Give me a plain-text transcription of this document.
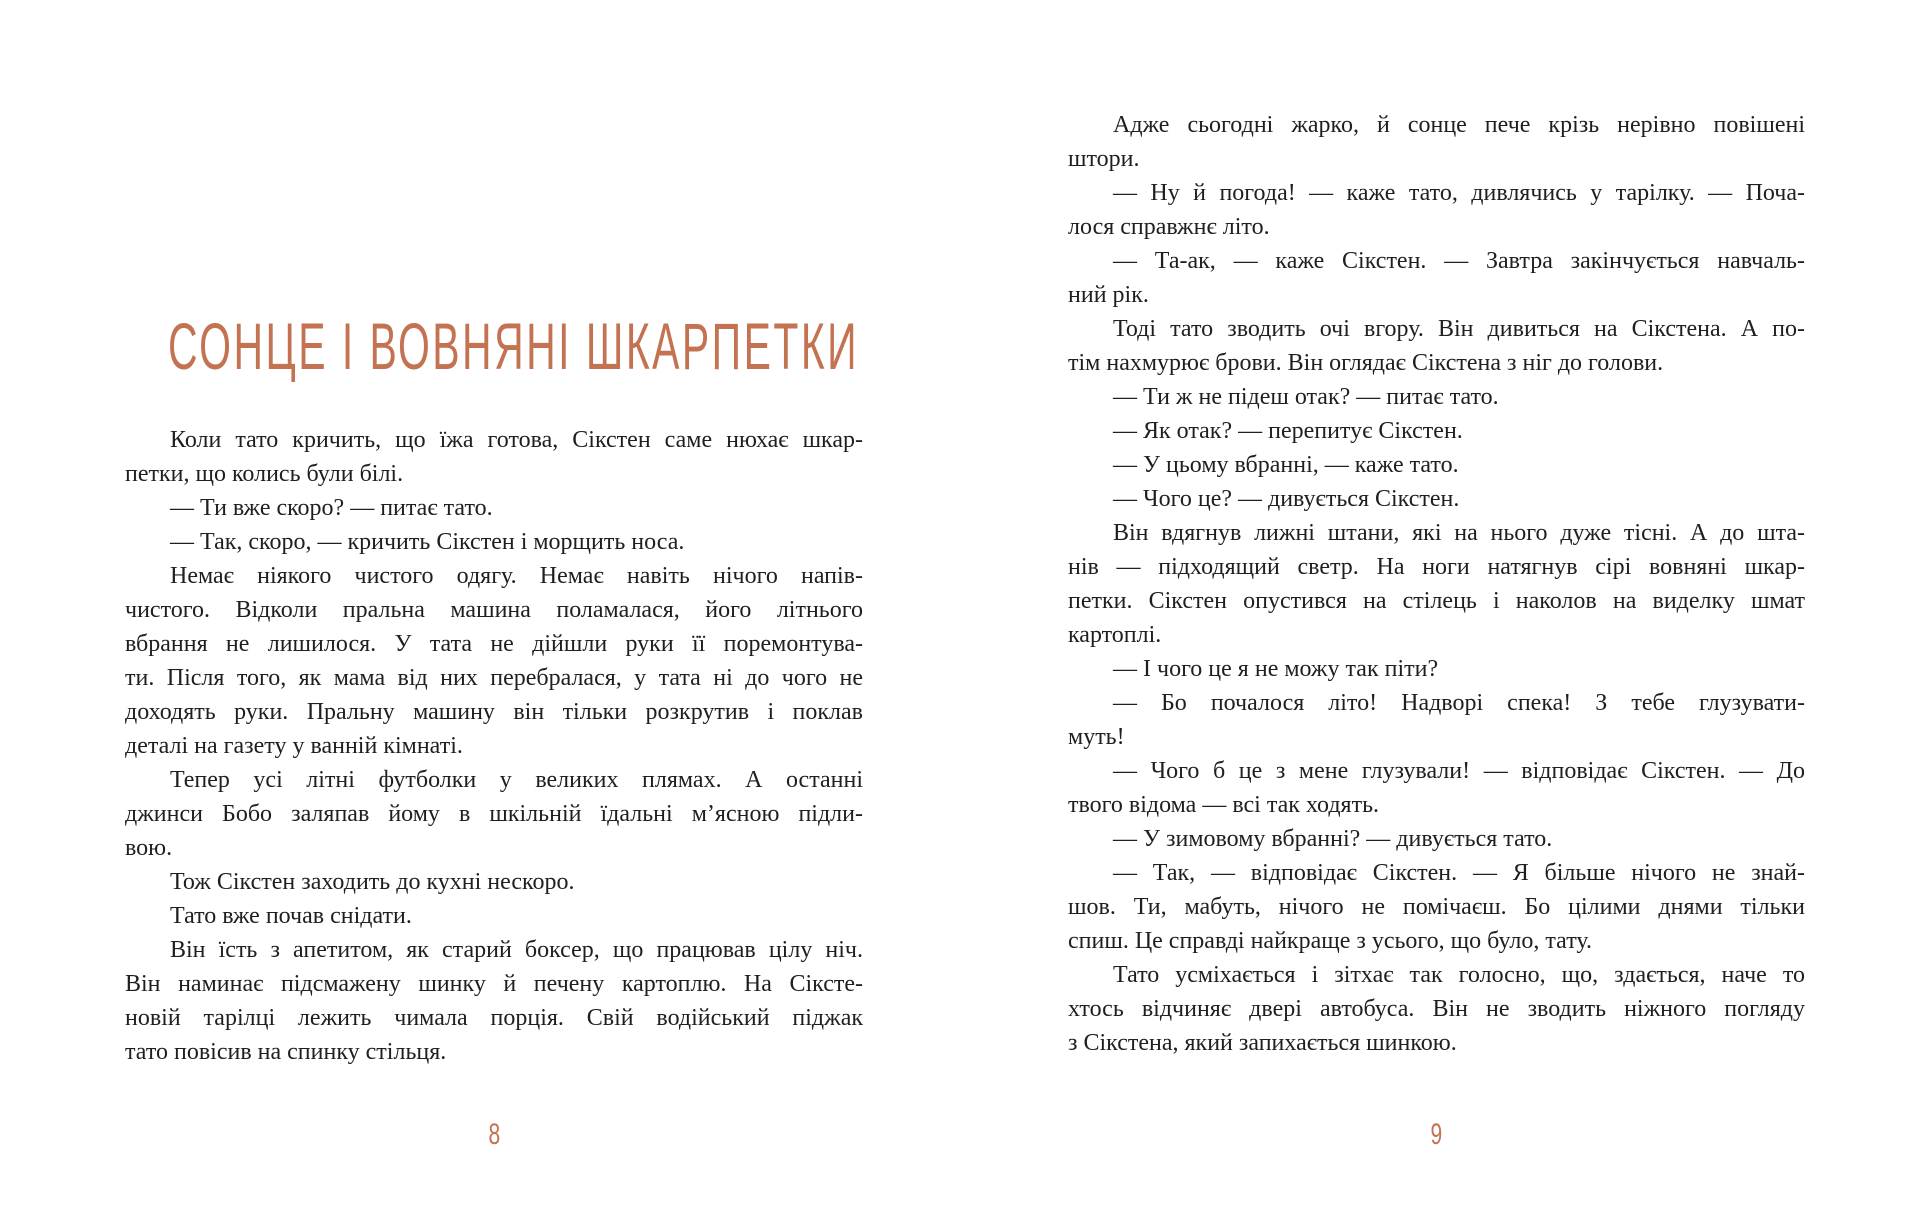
СОНЦЕ І ВОВНЯНІ ШКАРПЕТКИ
Коли тато кричить, що їжа готова, Сікстен саме нюхає шкар-
петки, що колись були білі.
— Ти вже скоро? — питає тато.
— Так, скоро, — кричить Сікстен і морщить носа.
Немає ніякого чистого одягу. Немає навіть нічого напів-
чистого. Відколи пральна машина поламалася, його літнього
вбрання не лишилося. У тата не дійшли руки її поремонтува-
ти. Після того, як мама від них перебралася, у тата ні до чого не
доходять руки. Пральну машину він тільки розкрутив і поклав
деталі на газету у ванній кімнаті.
Тепер усі літні футболки у великих плямах. А останні
джинси Бобо заляпав йому в шкільній їдальні м’ясною підли-
вою.
Тож Сікстен заходить до кухні нескоро.
Тато вже почав снідати.
Він їсть з апетитом, як старий боксер, що працював цілу ніч.
Він наминає підсмажену шинку й печену картоплю. На Сіксте-
новій тарілці лежить чимала порція. Свій водійський піджак
тато повісив на спинку стільця.
8
Адже сьогодні жарко, й сонце пече крізь нерівно повішені
штори.
— Ну й погода! — каже тато, дивлячись у тарілку. — Поча-
лося справжнє літо.
— Та-ак, — каже Сікстен. — Завтра закінчується навчаль-
ний рік.
Тоді тато зводить очі вгору. Він дивиться на Сікстена. А по-
тім нахмурює брови. Він оглядає Сікстена з ніг до голови.
— Ти ж не підеш отак? — питає тато.
— Як отак? — перепитує Сікстен.
— У цьому вбранні, — каже тато.
— Чого це? — дивується Сікстен.
Він вдягнув лижні штани, які на нього дуже тісні. А до шта-
нів — підходящий светр. На ноги натягнув сірі вовняні шкар-
петки. Сікстен опустився на стілець і наколов на виделку шмат
картоплі.
— І чого це я не можу так піти?
— Бо почалося літо! Надворі спека! З тебе глузувати-
муть!
— Чого б це з мене глузували! — відповідає Сікстен. — До
твого відома — всі так ходять.
— У зимовому вбранні? — дивується тато.
— Так, — відповідає Сікстен. — Я більше нічого не знай-
шов. Ти, мабуть, нічого не помічаєш. Бо цілими днями тільки
спиш. Це справді найкраще з усього, що було, тату.
Тато усміхається і зітхає так голосно, що, здається, наче то
хтось відчиняє двері автобуса. Він не зводить ніжного погляду
з Сікстена, який запихається шинкою.
9
